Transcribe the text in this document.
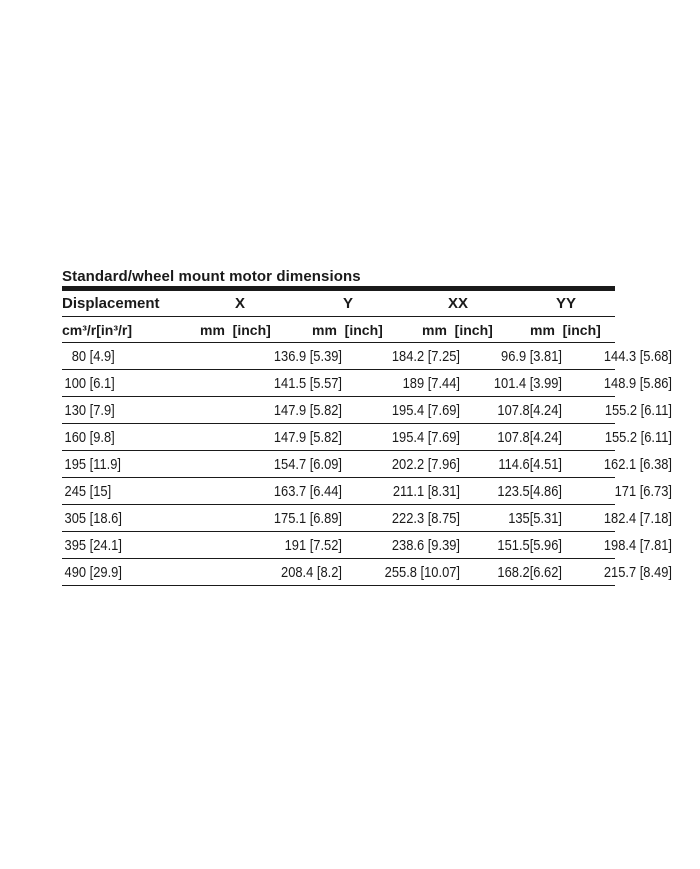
Standard/wheel mount motor dimensions
Displacement	X	Y	XX	YY
cm³/r[in³/r]	mm  [inch]	mm  [inch]	mm  [inch]	mm  [inch]
80 [4.9]	136.9 [5.39]	184.2 [7.25]	96.9 [3.81]	144.3 [5.68]
100 [6.1]	141.5 [5.57]	189 [7.44]	101.4 [3.99]	148.9 [5.86]
130 [7.9]	147.9 [5.82]	195.4 [7.69]	107.8[4.24]	155.2 [6.11]
160 [9.8]	147.9 [5.82]	195.4 [7.69]	107.8[4.24]	155.2 [6.11]
195 [11.9]	154.7 [6.09]	202.2 [7.96]	114.6[4.51]	162.1 [6.38]
245 [15]	163.7 [6.44]	211.1 [8.31]	123.5[4.86]	171 [6.73]
305 [18.6]	175.1 [6.89]	222.3 [8.75]	135[5.31]	182.4 [7.18]
395 [24.1]	191 [7.52]	238.6 [9.39]	151.5[5.96]	198.4 [7.81]
490 [29.9]	208.4 [8.2]	255.8 [10.07]	168.2[6.62]	215.7 [8.49]
